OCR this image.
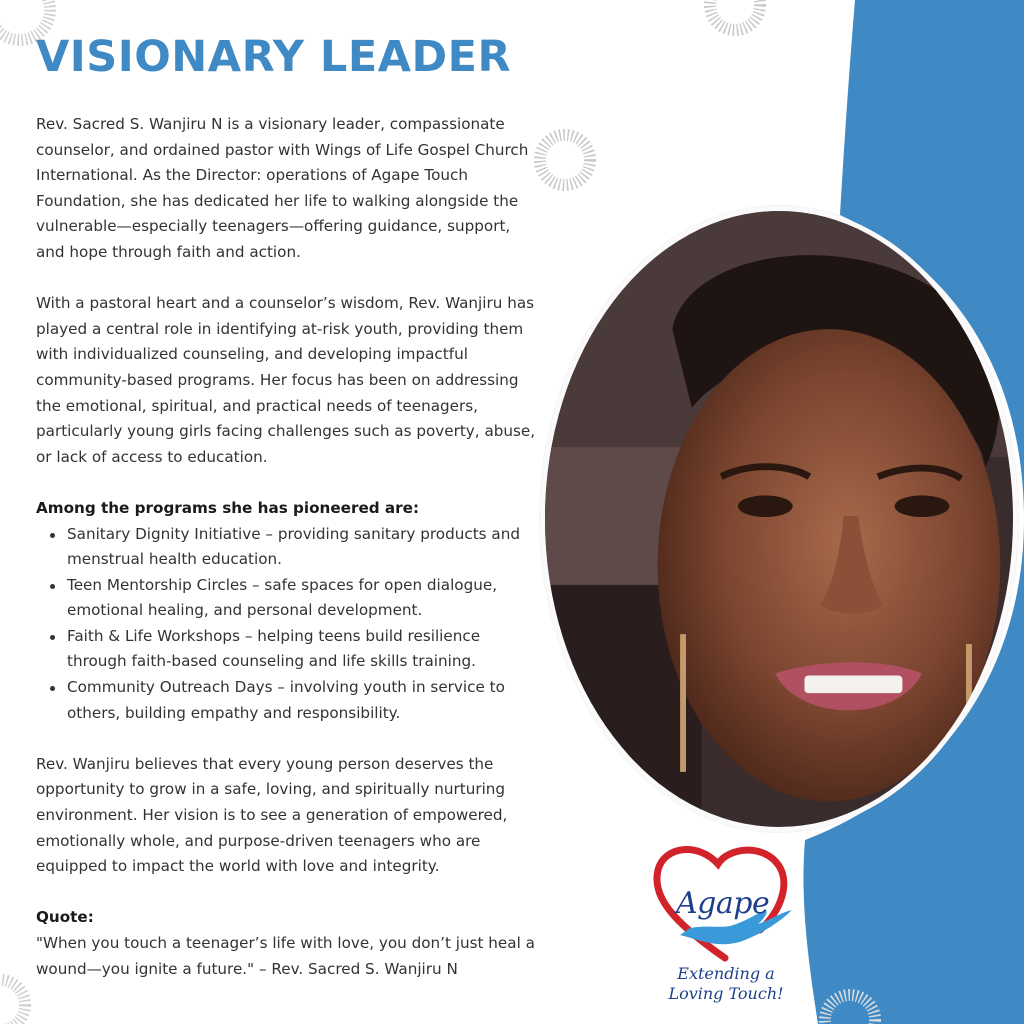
VISIONARY LEADER

Rev. Sacred S. Wanjiru N is a visionary leader, compassionate counselor, and ordained pastor with Wings of Life Gospel Church International. As the Director: operations of Agape Touch Foundation, she has dedicated her life to walking alongside the vulnerable—especially teenagers—offering guidance, support, and hope through faith and action.

With a pastoral heart and a counselor’s wisdom, Rev. Wanjiru has played a central role in identifying at-risk youth, providing them with individualized counseling, and developing impactful community-based programs. Her focus has been on addressing the emotional, spiritual, and practical needs of teenagers, particularly young girls facing challenges such as poverty, abuse, or lack of access to education.

Among the programs she has pioneered are:
Sanitary Dignity Initiative – providing sanitary products and menstrual health education.
Teen Mentorship Circles – safe spaces for open dialogue, emotional healing, and personal development.
Faith & Life Workshops – helping teens build resilience through faith-based counseling and life skills training.
Community Outreach Days – involving youth in service to others, building empathy and responsibility.

Rev. Wanjiru believes that every young person deserves the opportunity to grow in a safe, loving, and spiritually nurturing environment. Her vision is to see a generation of empowered, emotionally whole, and purpose-driven teenagers who are equipped to impact the world with love and integrity.

Quote:

"When you touch a teenager’s life with love, you don’t just heal a wound—you ignite a future." – Rev. Sacred S. Wanjiru N

Agape
Extending a
Loving Touch!
